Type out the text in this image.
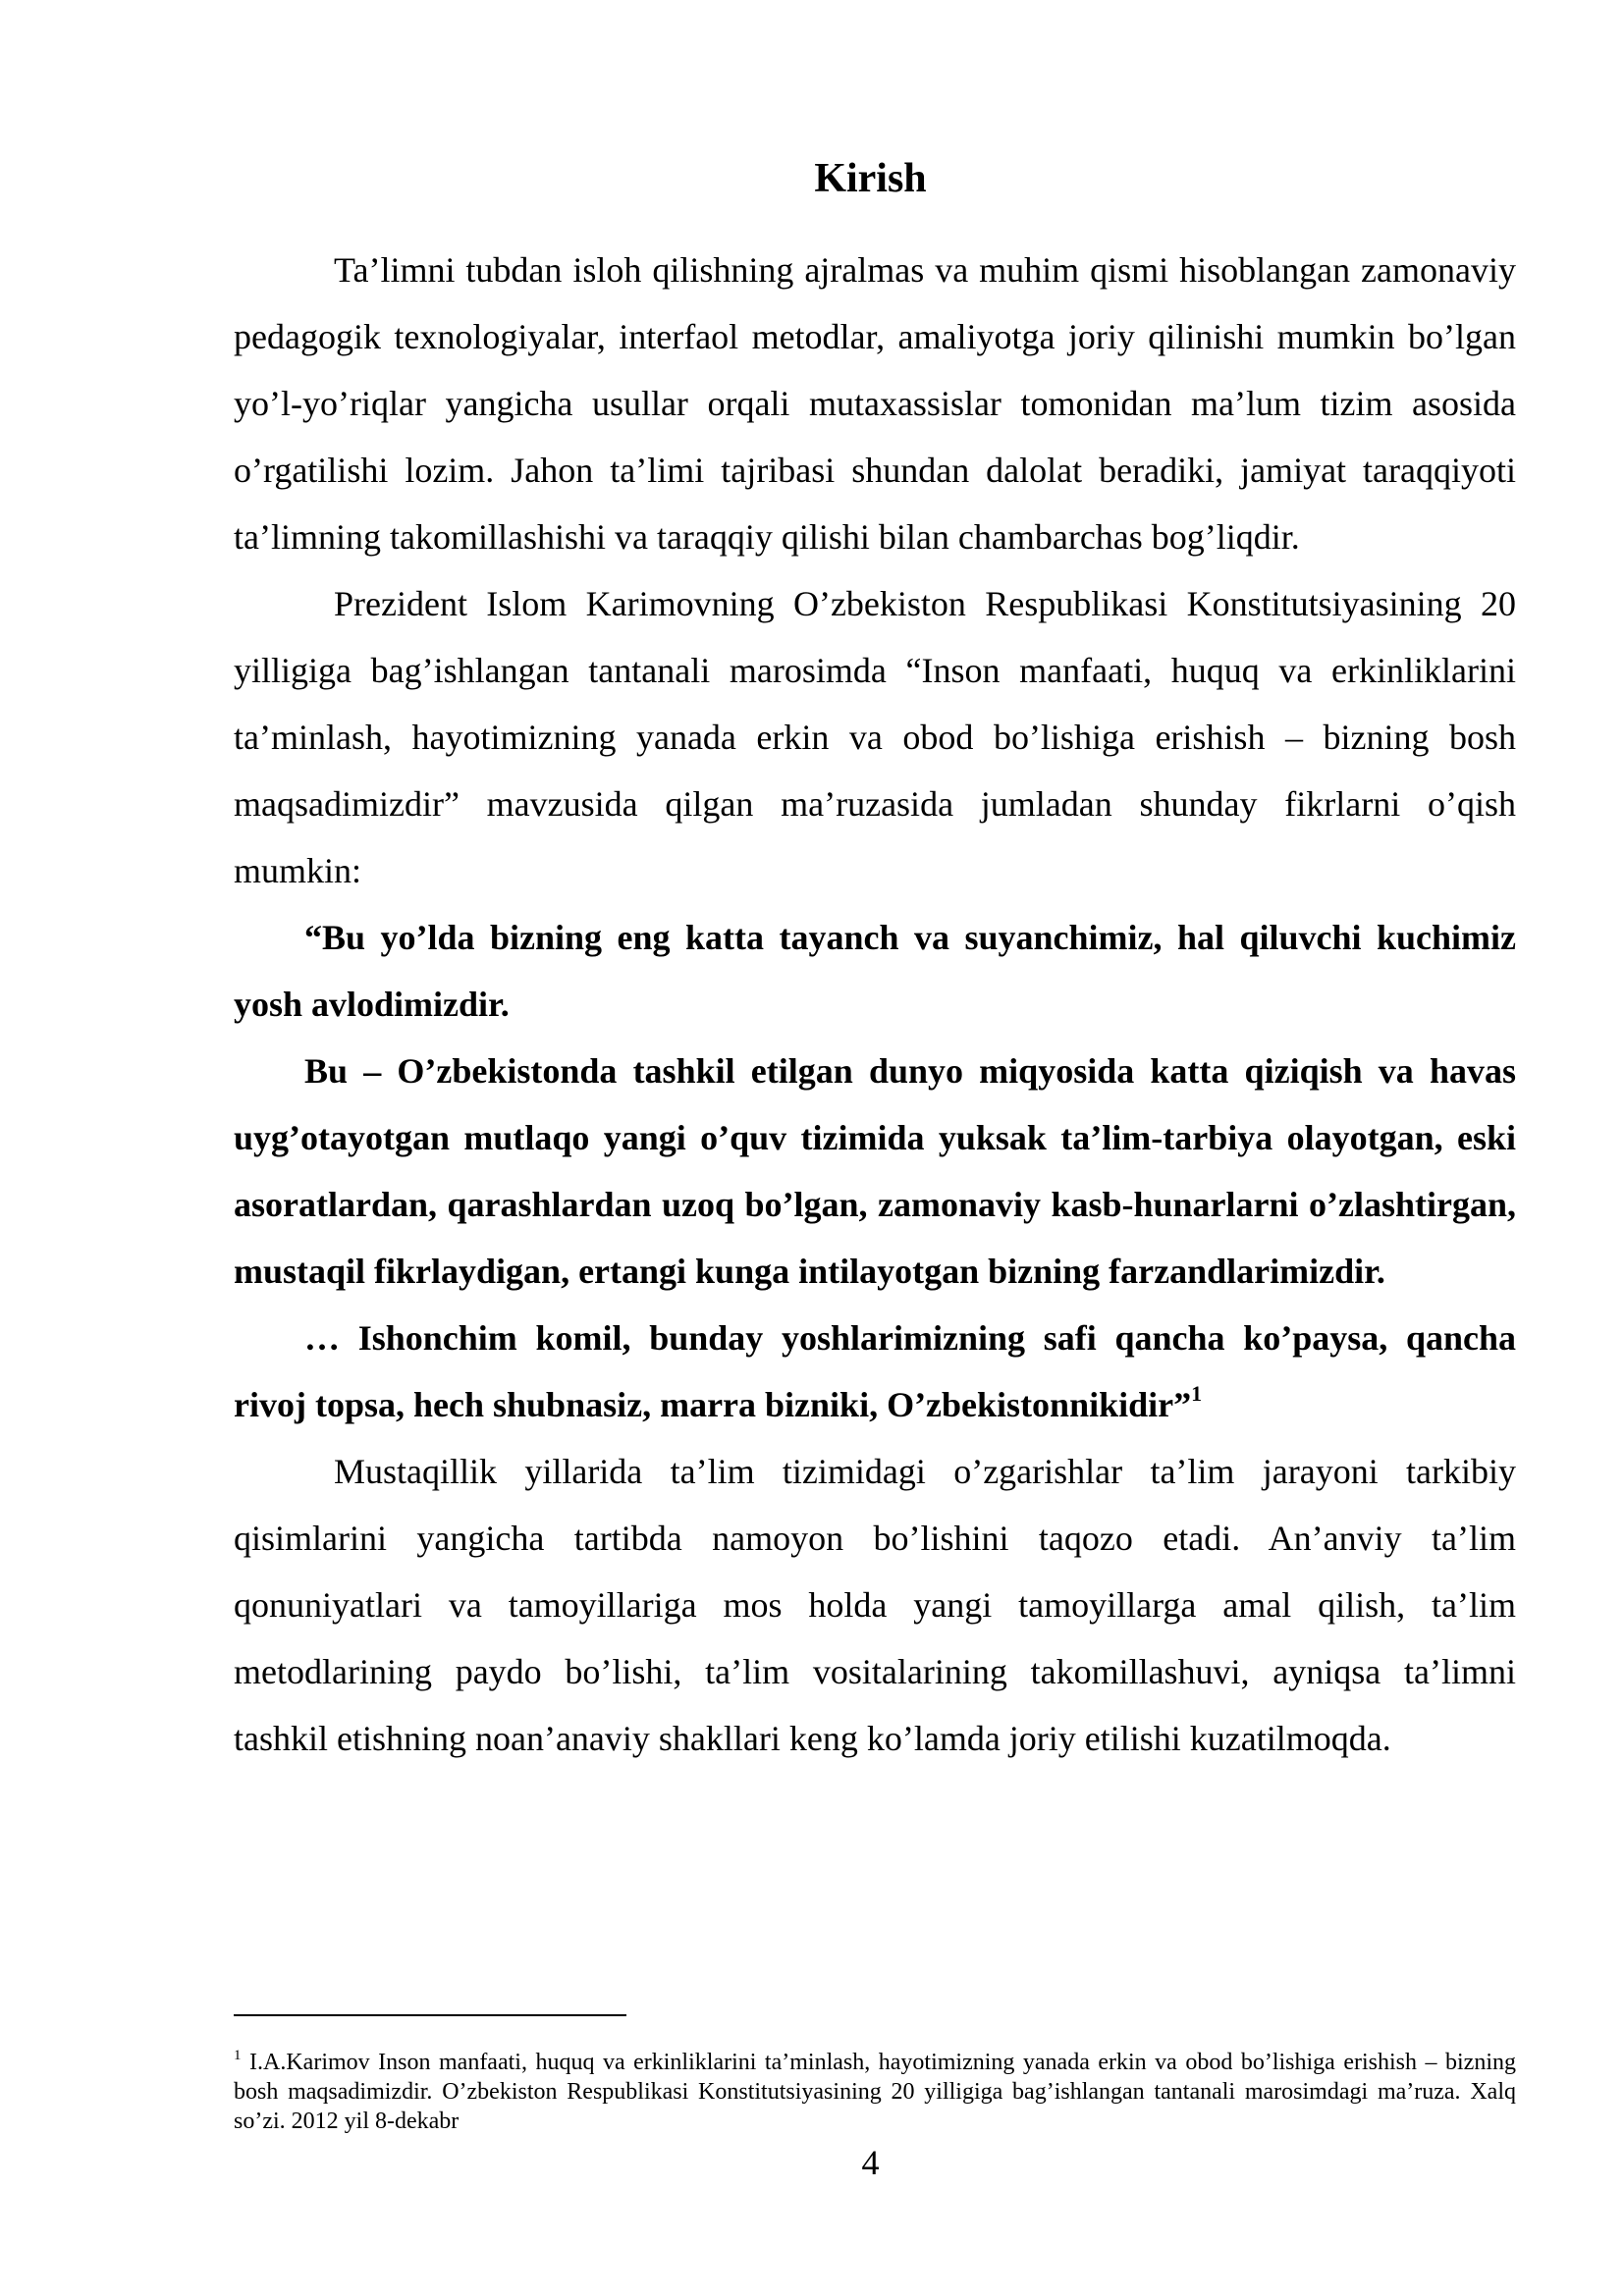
Kirish

Ta’limni tubdan isloh qilishning ajralmas va muhim qismi hisoblangan zamonaviy pedagogik texnologiyalar, interfaol metodlar, amaliyotga joriy qilinishi mumkin bo’lgan yo’l-yo’riqlar yangicha usullar orqali mutaxassislar tomonidan ma’lum tizim asosida o’rgatilishi lozim. Jahon ta’limi tajribasi shundan dalolat beradiki, jamiyat taraqqiyoti ta’limning takomillashishi va taraqqiy qilishi bilan chambarchas bog’liqdir.

Prezident Islom Karimovning O’zbekiston Respublikasi Konstitutsiyasining 20 yilligiga bag’ishlangan tantanali marosimda “Inson manfaati, huquq va erkinliklarini ta’minlash, hayotimizning yanada erkin va obod bo’lishiga erishish – bizning bosh maqsadimizdir” mavzusida qilgan ma’ruzasida jumladan shunday fikrlarni o’qish mumkin:

“Bu yo’lda bizning eng katta tayanch va suyanchimiz, hal qiluvchi kuchimiz yosh avlodimizdir.

Bu – O’zbekistonda tashkil etilgan dunyo miqyosida katta qiziqish va havas uyg’otayotgan mutlaqo yangi o’quv tizimida yuksak ta’lim-tarbiya olayotgan, eski asoratlardan, qarashlardan uzoq bo’lgan, zamonaviy kasb-hunarlarni o’zlashtirgan, mustaqil fikrlaydigan, ertangi kunga intilayotgan bizning farzandlarimizdir.

… Ishonchim komil, bunday yoshlarimizning safi qancha ko’paysa, qancha rivoj topsa, hech shubnasiz, marra bizniki, O’zbekistonnikidir”$^1$

Mustaqillik yillarida ta’lim tizimidagi o’zgarishlar ta’lim jarayoni tarkibiy qisimlarini yangicha tartibda namoyon bo’lishini taqozo etadi. An’anviy ta’lim qonuniyatlari va tamoyillariga mos holda yangi tamoyillarga amal qilish, ta’lim metodlarining paydo bo’lishi, ta’lim vositalarining takomillashuvi, ayniqsa ta’limni tashkil etishning noan’anaviy shakllari keng ko’lamda joriy etilishi kuzatilmoqda.

$^1$ I.A.Karimov Inson manfaati, huquq va erkinliklarini ta’minlash, hayotimizning yanada erkin va obod bo’lishiga erishish – bizning bosh maqsadimizdir. O’zbekiston Respublikasi Konstitutsiyasining 20 yilligiga bag’ishlangan tantanali marosimdagi ma’ruza. Xalq so’zi. 2012 yil 8-dekabr
4
